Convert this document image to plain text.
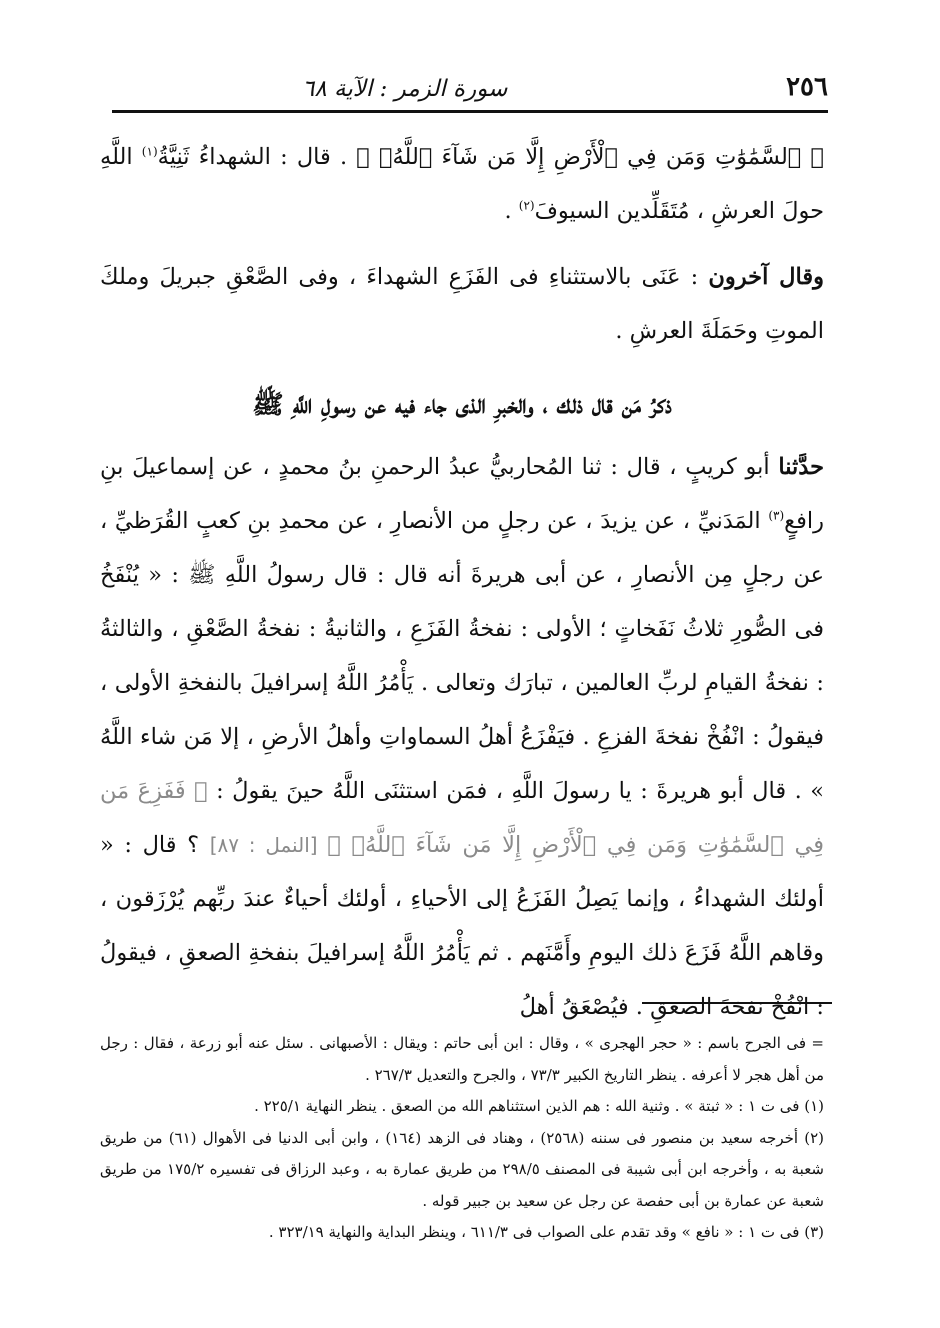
٢٥٦
سورة الزمر : الآية ٦٨

﴿ ٱلسَّمَٰوَٰتِ وَمَن فِي ٱلْأَرْضِ إِلَّا مَن شَآءَ ٱللَّهُۖ ﴾ . قال : الشهداءُ ثَنِيَّةُ$^{(١)}$ اللَّهِ حولَ العرشِ ، مُتَقَلِّدين السيوفَ$^{(٢)}$ .

وقال آخرون : عَنَى بالاستثناءِ فى الفَزَعِ الشهداءَ ، وفى الصَّعْقِ جبريلَ وملكَ الموتِ وحَمَلَةَ العرشِ .

ذكرُ مَن قال ذلك ، والخبرِ الذى جاء فيه عن رسولِ اللَّهِ ﷺ

حدَّثنا أبو كريبٍ ، قال : ثنا المُحاربيُّ عبدُ الرحمنِ بنُ محمدٍ ، عن إسماعيلَ بنِ رافعٍ$^{(٣)}$ المَدَنيِّ ، عن يزيدَ ، عن رجلٍ من الأنصارِ ، عن محمدِ بنِ كعبٍ القُرَظيِّ ، عن رجلٍ مِن الأنصارِ ، عن أبى هريرةَ أنه قال : قال رسولُ اللَّهِ ﷺ : « يُنْفَخُ فى الصُّورِ ثلاثُ نَفَخاتٍ ؛ الأولى : نفخةُ الفَزَعِ ، والثانيةُ : نفخةُ الصَّعْقِ ، والثالثةُ : نفخةُ القيامِ لربِّ العالمين ، تبارَك وتعالى . يَأْمُرُ اللَّهُ إسرافيلَ بالنفخةِ الأولى ، فيقولُ : انْفُخْ نفخةَ الفزعِ . فيَفْزَعُ أهلُ السماواتِ وأهلُ الأرضِ ، إلا مَن شاء اللَّهُ » . قال أبو هريرةَ : يا رسولَ اللَّهِ ، فمَن استثنَى اللَّهُ حينَ يقولُ : ﴿ فَفَزِعَ مَن فِي ٱلسَّمَٰوَٰتِ وَمَن فِي ٱلْأَرْضِ إِلَّا مَن شَآءَ ٱللَّهُۚ ﴾ [النمل : ٨٧] ؟ قال : « أولئك الشهداءُ ، وإنما يَصِلُ الفَزَعُ إلى الأحياءِ ، أولئك أحياءٌ عندَ ربِّهم يُرْزَقون ، وقاهم اللَّهُ فَزَعَ ذلك اليومِ وأَمَّنَهم . ثم يَأْمُرُ اللَّهُ إسرافيلَ بنفخةِ الصعقِ ، فيقولُ : انْفُخْ نفخةَ الصعقِ . فيُصْعَقُ أهلُ

= فى الجرح باسم : « حجر الهجرى » ، وقال : ابن أبى حاتم : ويقال : الأصبهانى . سئل عنه أبو زرعة ، فقال : رجل من أهل هجر لا أعرفه . ينظر التاريخ الكبير ٧٣/٣ ، والجرح والتعديل ٢٦٧/٣ .

(١) فى ت ١ : « ثبتة » . وثنية الله : هم الذين استثناهم الله من الصعق . ينظر النهاية ٢٢٥/١ .

(٢) أخرجه سعيد بن منصور فى سننه (٢٥٦٨) ، وهناد فى الزهد (١٦٤) ، وابن أبى الدنيا فى الأهوال (٦١) من طريق شعبة به ، وأخرجه ابن أبى شيبة فى المصنف ٢٩٨/٥ من طريق عمارة به ، وعبد الرزاق فى تفسيره ١٧٥/٢ من طريق شعبة عن عمارة بن أبى حفصة عن رجل عن سعيد بن جبير قوله .

(٣) فى ت ١ : « نافع » وقد تقدم على الصواب فى ٦١١/٣ ، وينظر البداية والنهاية ٣٢٣/١٩ .
